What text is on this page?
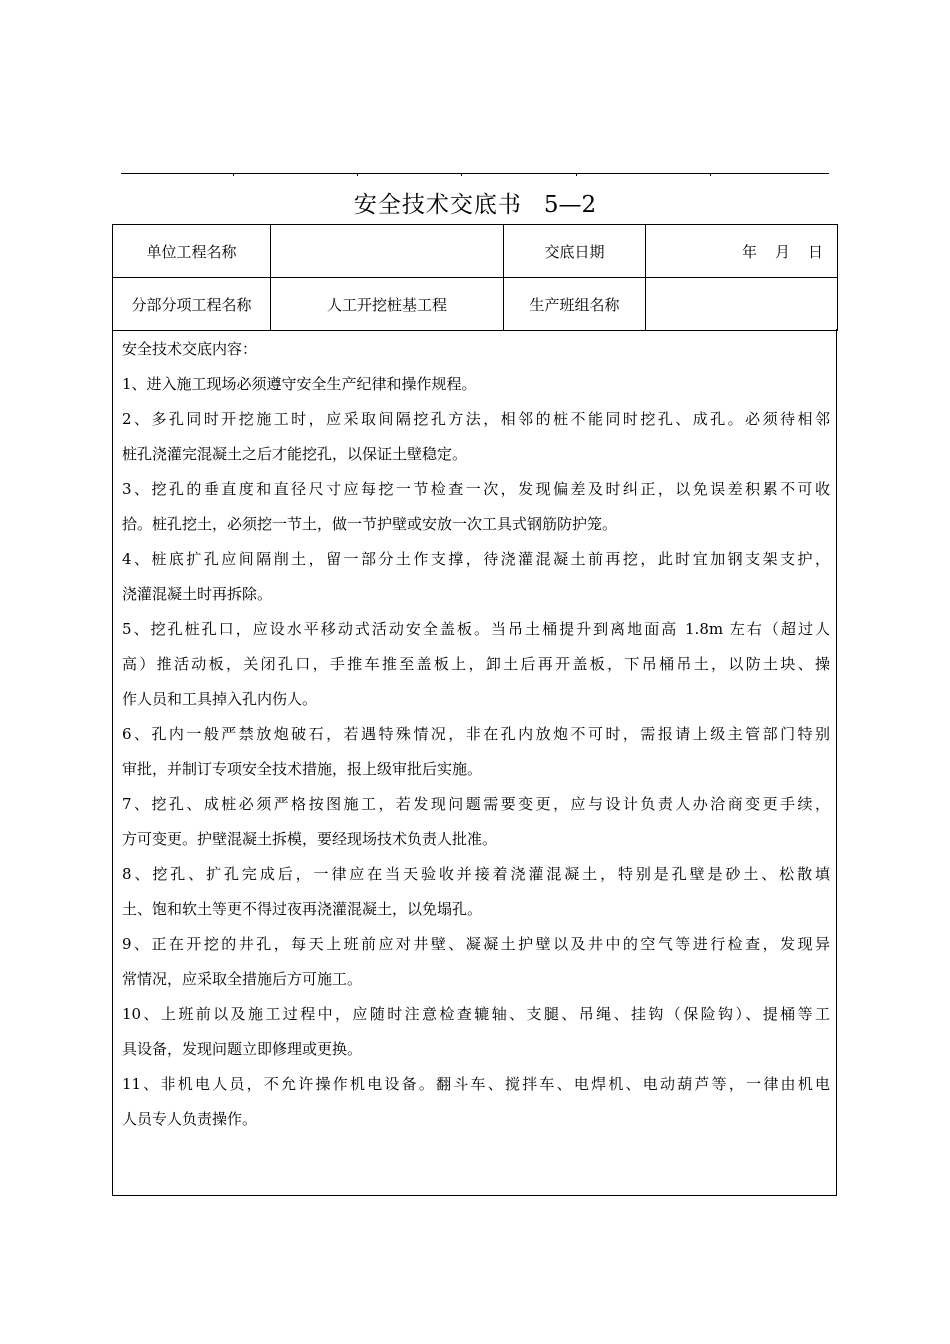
安全技术交底书 5—2
单位工程名称		交底日期	年 月 日
分部分项工程名称	人工开挖桩基工程	生产班组名称	
安全技术交底内容：
1、进入施工现场必须遵守安全生产纪律和操作规程。
2、多孔同时开挖施工时，应采取间隔挖孔方法，相邻的桩不能同时挖孔、成孔。必须待相邻
桩孔浇灌完混凝土之后才能挖孔，以保证土壁稳定。
3、挖孔的垂直度和直径尺寸应每挖一节检查一次，发现偏差及时纠正，以免误差积累不可收
拾。桩孔挖土，必须挖一节土，做一节护壁或安放一次工具式钢筋防护笼。
4、桩底扩孔应间隔削土，留一部分土作支撑，待浇灌混凝土前再挖，此时宜加钢支架支护，
浇灌混凝土时再拆除。
5、挖孔桩孔口，应设水平移动式活动安全盖板。当吊土桶提升到离地面高 1.8m 左右（超过人
高）推活动板，关闭孔口，手推车推至盖板上，卸土后再开盖板，下吊桶吊土，以防土块、操
作人员和工具掉入孔内伤人。
6、孔内一般严禁放炮破石，若遇特殊情况，非在孔内放炮不可时，需报请上级主管部门特别
审批，并制订专项安全技术措施，报上级审批后实施。
7、挖孔、成桩必须严格按图施工，若发现问题需要变更，应与设计负责人办洽商变更手续，
方可变更。护壁混凝土拆模，要经现场技术负责人批准。
8、挖孔、扩孔完成后，一律应在当天验收并接着浇灌混凝土，特别是孔壁是砂土、松散填
土、饱和软土等更不得过夜再浇灌混凝土，以免塌孔。
9、正在开挖的井孔，每天上班前应对井壁、凝凝土护壁以及井中的空气等进行检查，发现异
常情况，应采取全措施后方可施工。
10、上班前以及施工过程中，应随时注意检查辘轴、支腿、吊绳、挂钩（保险钩）、提桶等工
具设备，发现问题立即修理或更换。
11、非机电人员，不允许操作机电设备。翻斗车、搅拌车、电焊机、电动葫芦等，一律由机电
人员专人负责操作。
